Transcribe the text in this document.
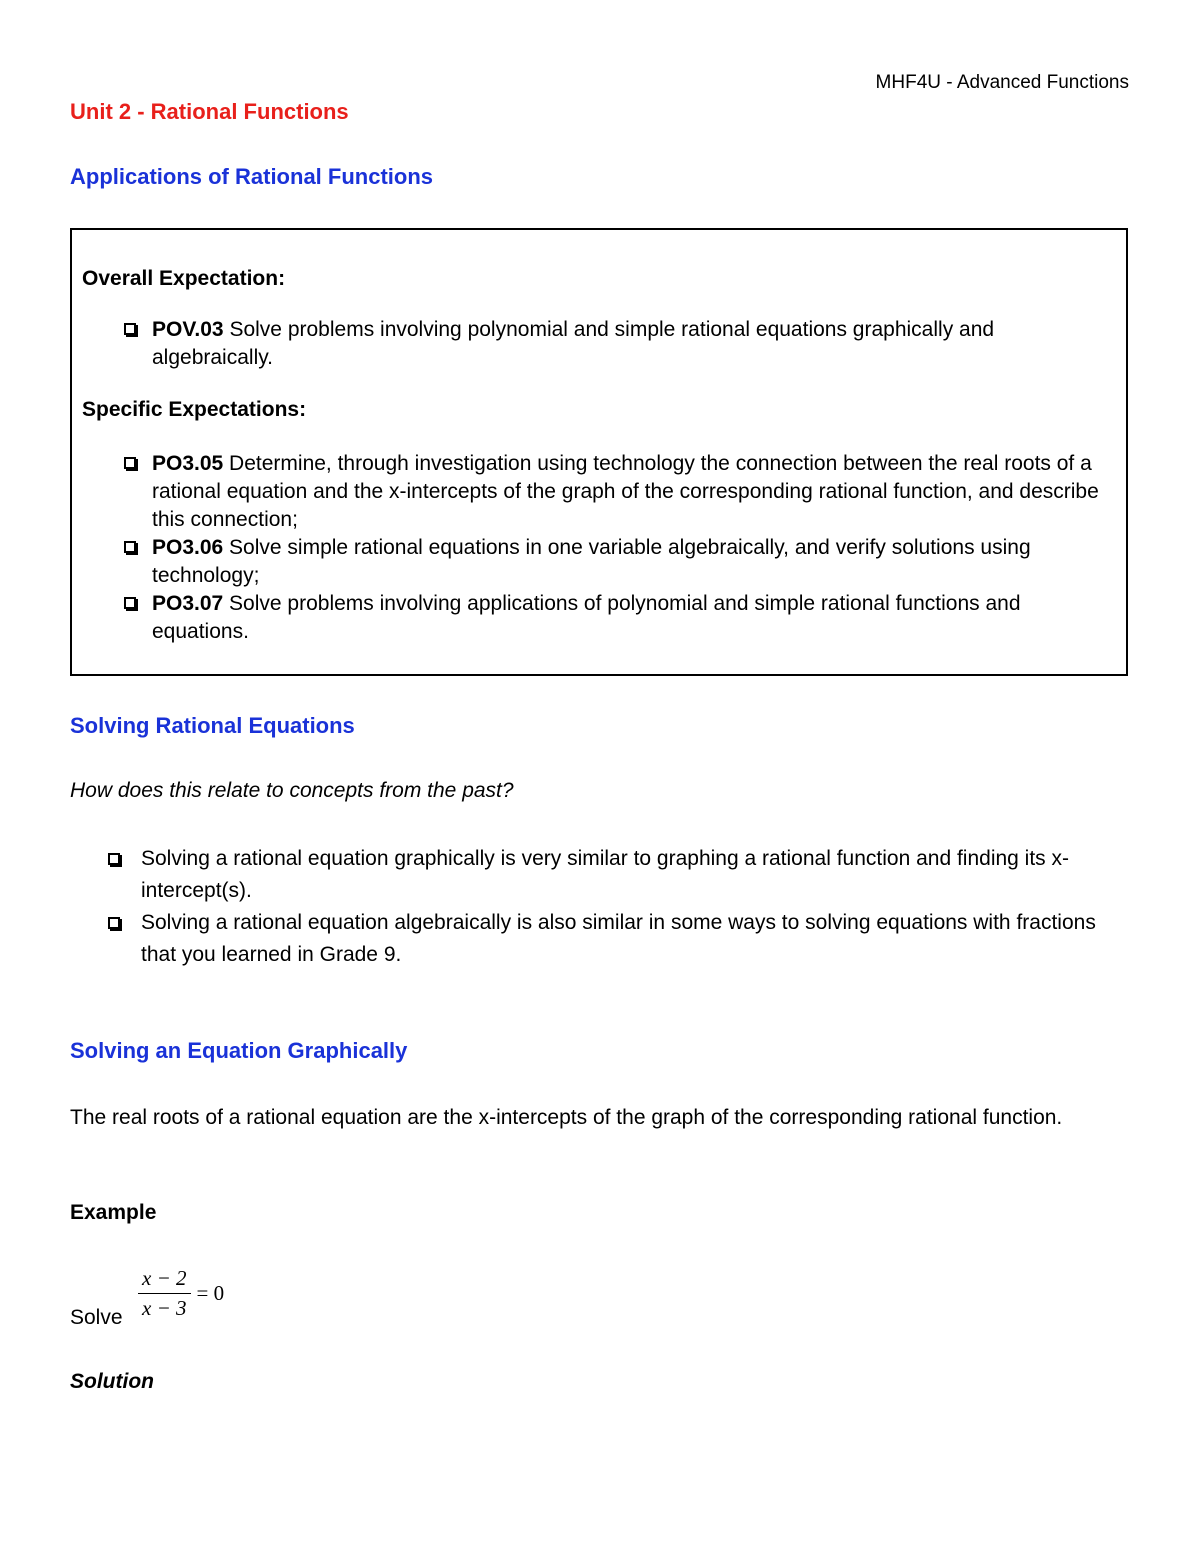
MHF4U - Advanced Functions
Unit 2 - Rational Functions
Applications of Rational Functions
Overall Expectation:
POV.03 Solve problems involving polynomial and simple rational equations graphically and algebraically.
Specific Expectations:
PO3.05 Determine, through investigation using technology the connection between the real roots of a rational equation and the x-intercepts of the graph of the corresponding rational function, and describe this connection;
PO3.06 Solve simple rational equations in one variable algebraically, and verify solutions using technology;
PO3.07 Solve problems involving applications of polynomial and simple rational functions and equations.
Solving Rational Equations
How does this relate to concepts from the past?
Solving a rational equation graphically is very similar to graphing a rational function and finding its x-intercept(s).
Solving a rational equation algebraically is also similar in some ways to solving equations with fractions that you learned in Grade 9.
Solving an Equation Graphically
The real roots of a rational equation are the x-intercepts of the graph of the corresponding rational function.
Example
Solve $\frac{x - 2}{x - 3} = 0$
Solution
